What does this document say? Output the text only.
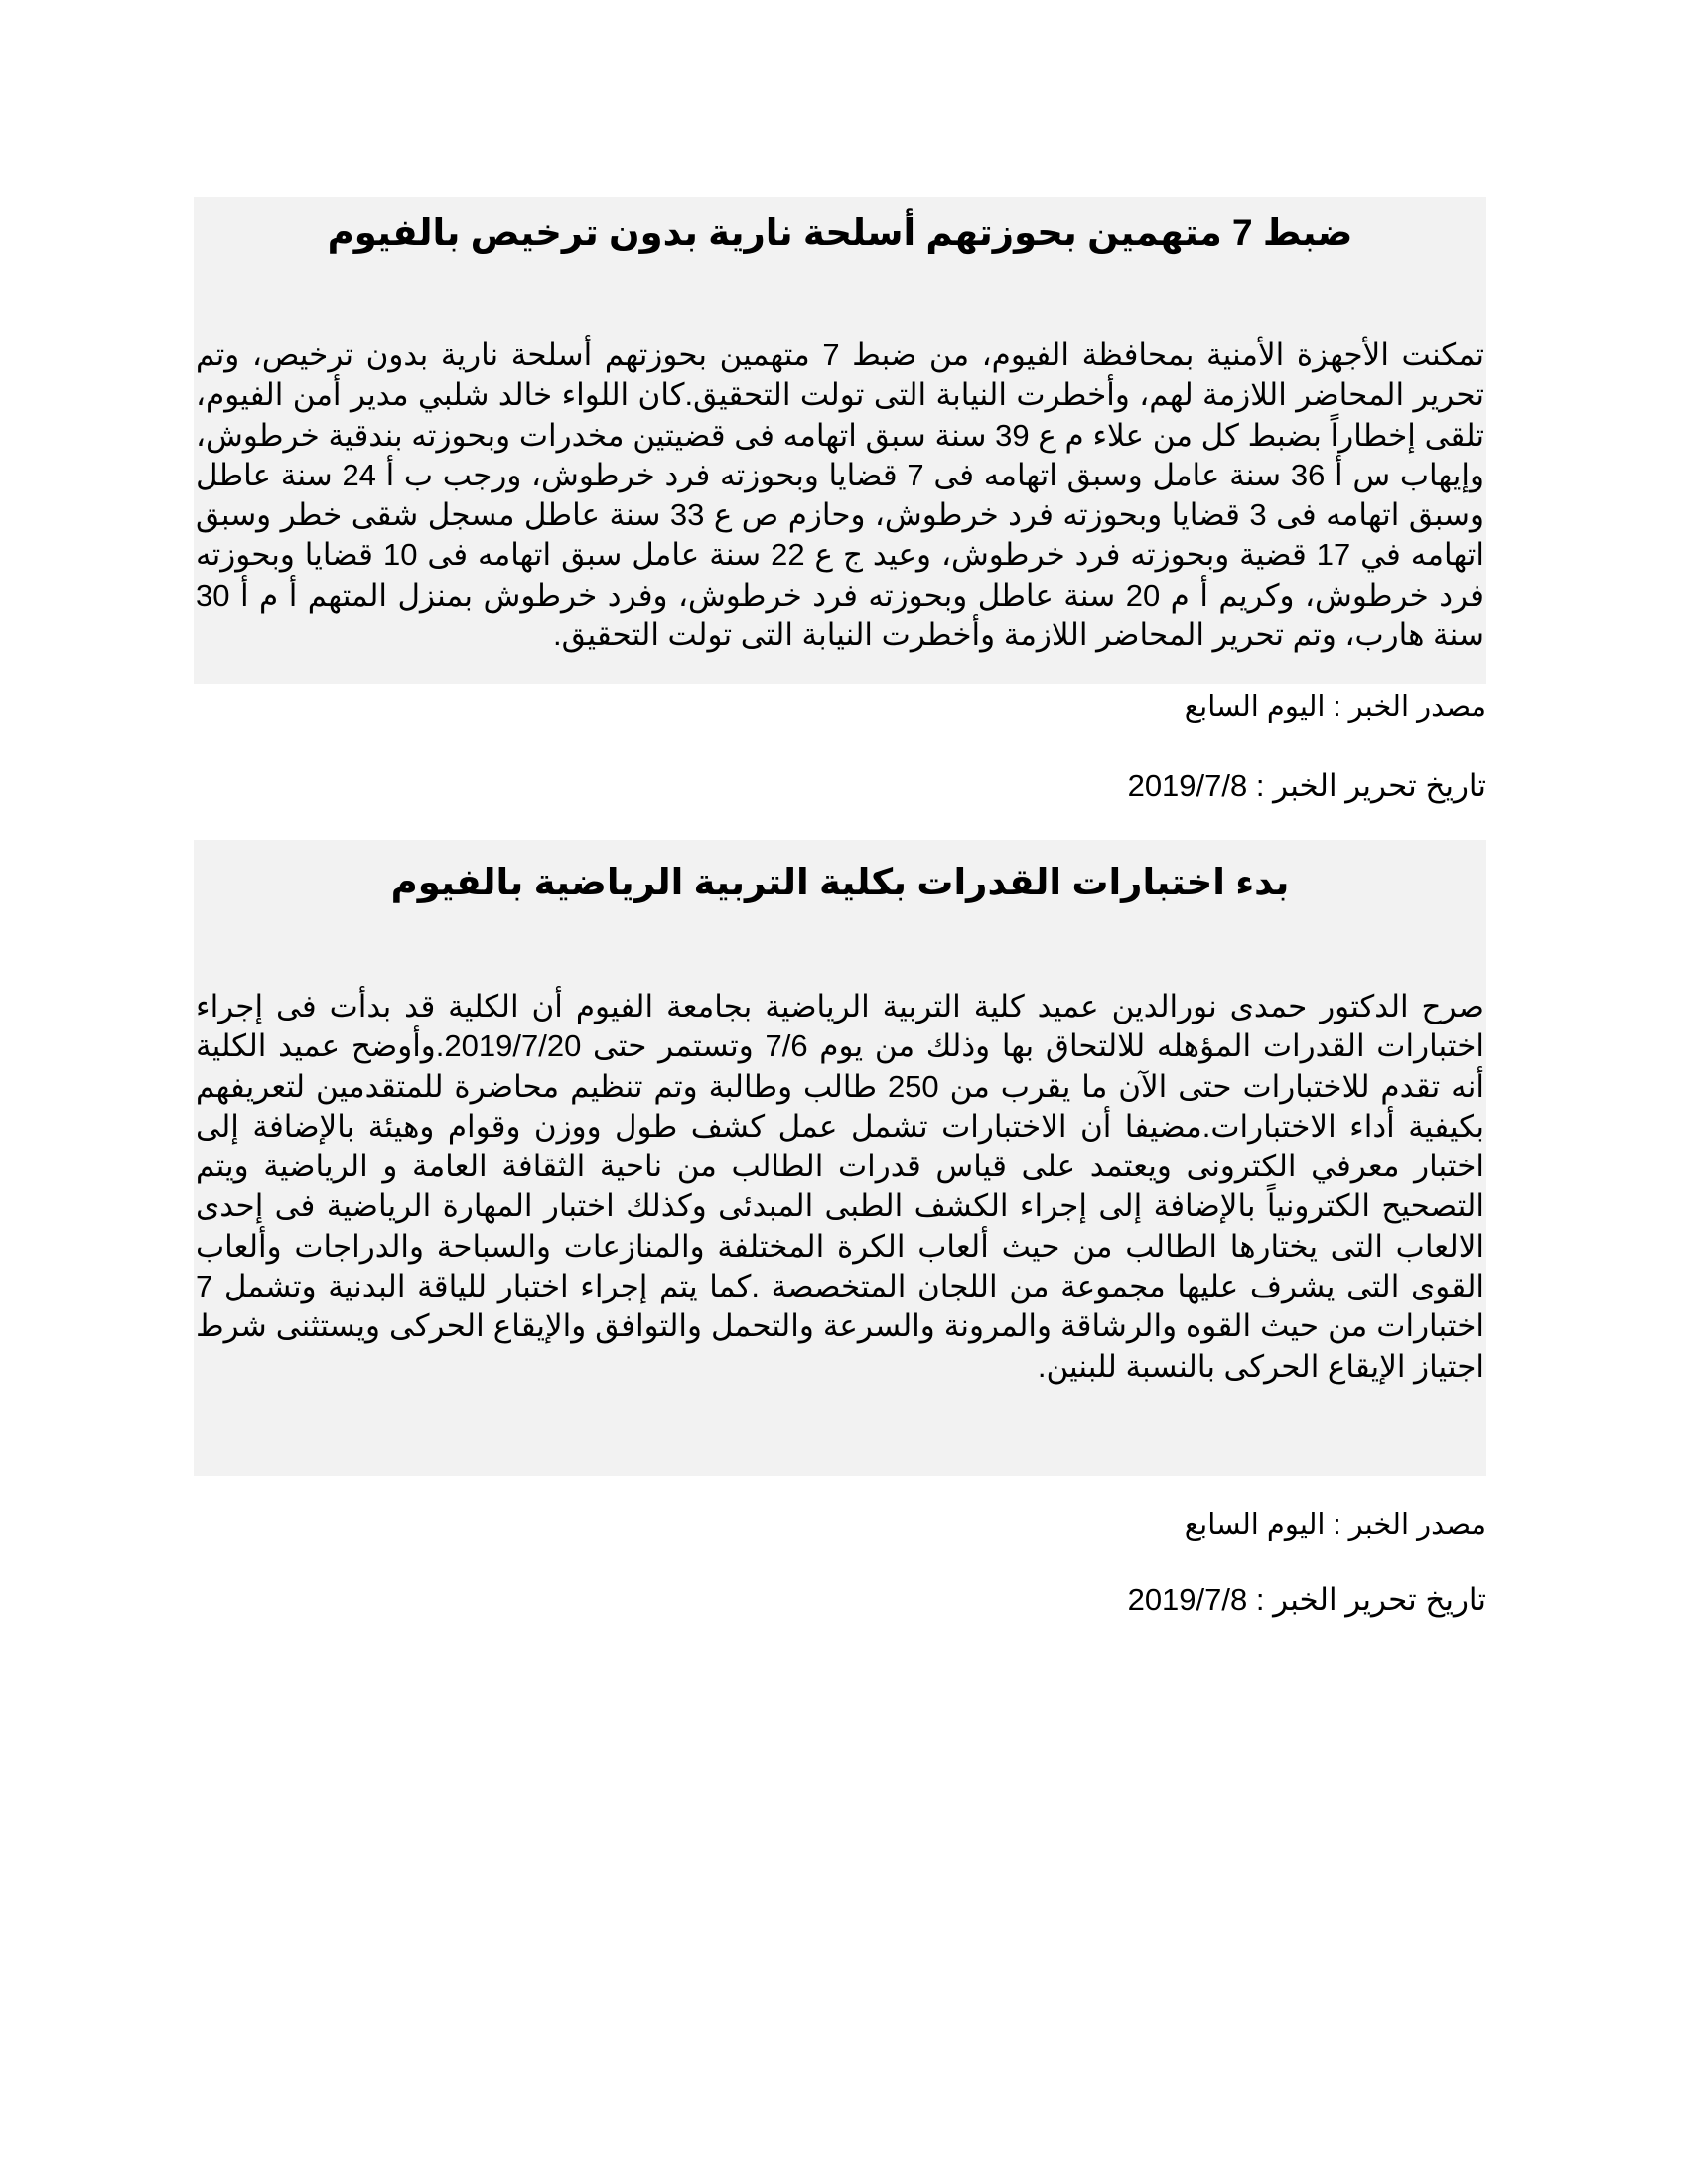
ضبط 7 متهمين بحوزتهم أسلحة نارية بدون ترخيص بالفيوم

تمكنت الأجهزة الأمنية بمحافظة الفيوم، من ضبط 7 متهمين بحوزتهم أسلحة نارية بدون ترخيص، وتم تحرير المحاضر اللازمة لهم، وأخطرت النيابة التى تولت التحقيق.كان اللواء خالد شلبي مدير أمن الفيوم، تلقى إخطاراً بضبط كل من علاء م ع 39 سنة سبق اتهامه فى قضيتين مخدرات وبحوزته بندقية خرطوش، وإيهاب س أ 36 سنة عامل وسبق اتهامه فى 7 قضايا وبحوزته فرد خرطوش، ورجب ب أ 24 سنة عاطل وسبق اتهامه فى 3 قضايا وبحوزته فرد خرطوش، وحازم ص ع 33 سنة عاطل مسجل شقى خطر وسبق اتهامه في 17 قضية وبحوزته فرد خرطوش، وعيد ج ع 22 سنة عامل سبق اتهامه فى 10 قضايا وبحوزته فرد خرطوش، وكريم أ م 20 سنة عاطل وبحوزته فرد خرطوش، وفرد خرطوش بمنزل المتهم أ م أ 30 سنة هارب، وتم تحرير المحاضر اللازمة وأخطرت النيابة التى تولت التحقيق.

مصدر الخبر : اليوم السابع
تاريخ تحرير الخبر : 2019/7/8
بدء اختبارات القدرات بكلية التربية الرياضية بالفيوم

صرح الدكتور حمدى نورالدين عميد كلية التربية الرياضية بجامعة الفيوم أن الكلية قد بدأت فى إجراء اختبارات القدرات المؤهله للالتحاق بها وذلك من يوم 7/6 وتستمر حتى 2019/7/20.وأوضح عميد الكلية أنه تقدم للاختبارات حتى الآن ما يقرب من 250 طالب وطالبة وتم تنظيم محاضرة للمتقدمين لتعريفهم بكيفية أداء الاختبارات.مضيفا أن الاختبارات تشمل عمل كشف طول ووزن وقوام وهيئة بالإضافة إلى اختبار معرفي الكترونى ويعتمد على قياس قدرات الطالب من ناحية الثقافة العامة و الرياضية ويتم التصحيح الكترونياً بالإضافة إلى إجراء الكشف الطبى المبدئى وكذلك اختبار المهارة الرياضية فى إحدى الالعاب التى يختارها الطالب من حيث ألعاب الكرة المختلفة والمنازعات والسباحة والدراجات وألعاب القوى التى يشرف عليها مجموعة من اللجان المتخصصة .كما يتم إجراء اختبار للياقة البدنية وتشمل 7 اختبارات من حيث القوه والرشاقة والمرونة والسرعة والتحمل والتوافق والإيقاع الحركى ويستثنى شرط اجتياز الإيقاع الحركى بالنسبة للبنين.

مصدر الخبر : اليوم السابع
تاريخ تحرير الخبر : 2019/7/8
